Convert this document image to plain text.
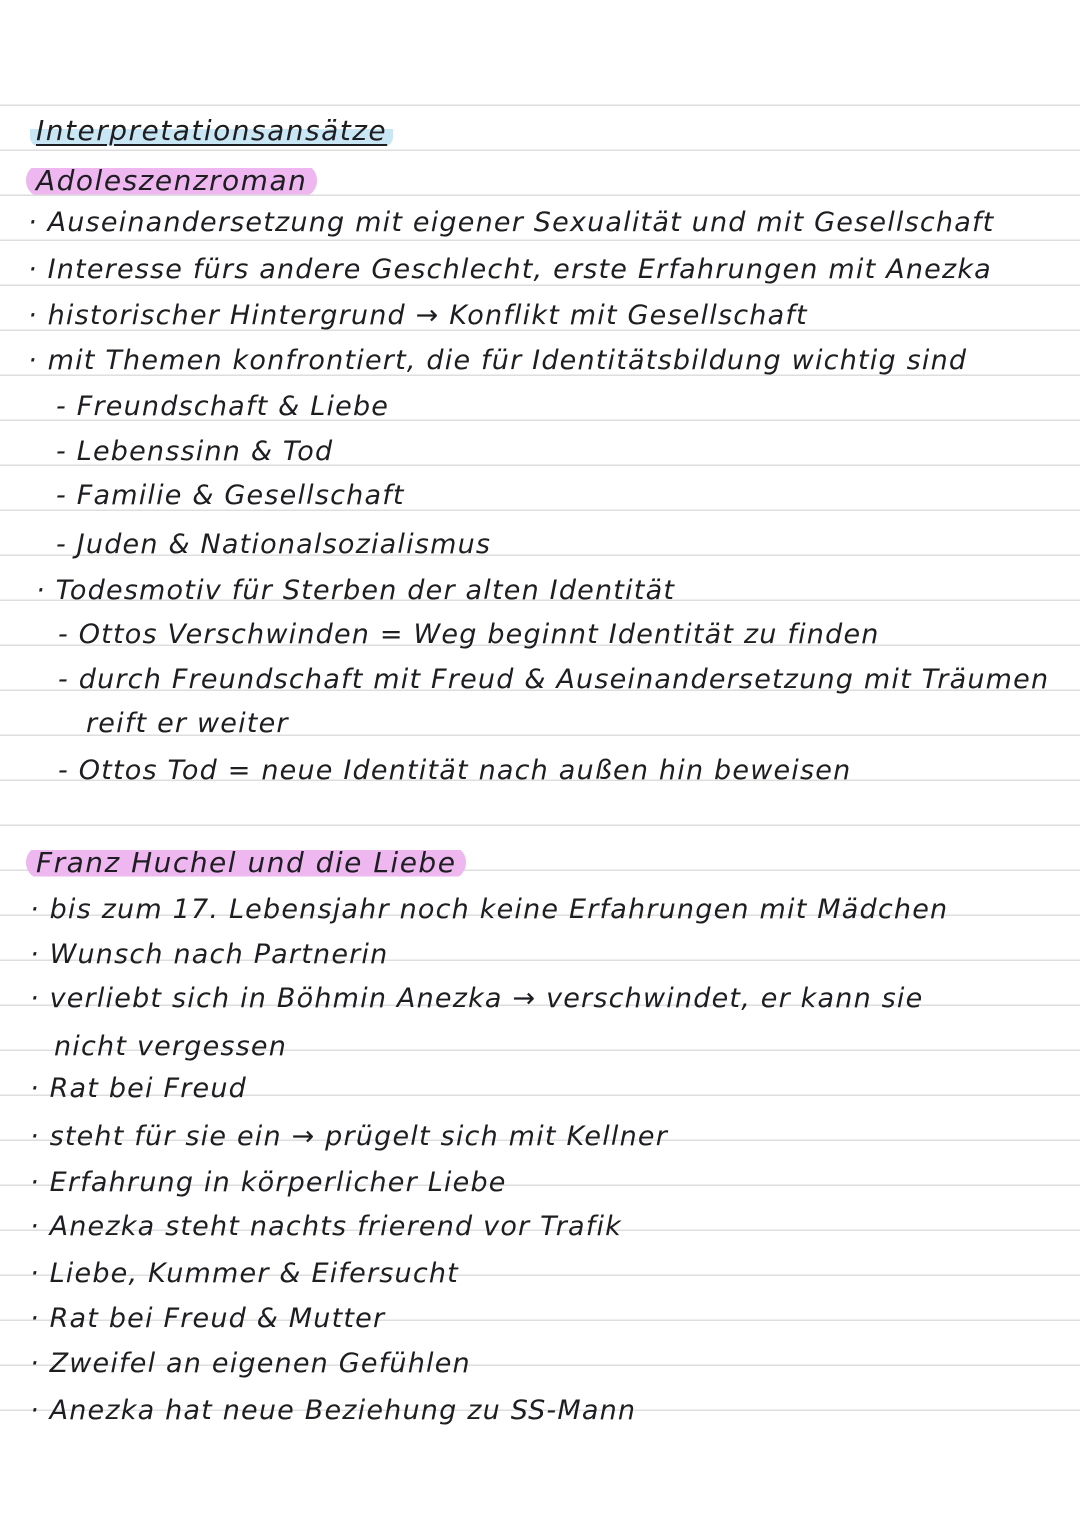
Interpretationsansätze
Adoleszenzroman
· Auseinandersetzung mit eigener Sexualität und mit Gesellschaft
· Interesse fürs andere Geschlecht, erste Erfahrungen mit Anezka
· historischer Hintergrund → Konflikt mit Gesellschaft
· mit Themen konfrontiert, die für Identitätsbildung wichtig sind
- Freundschaft & Liebe
- Lebenssinn & Tod
- Familie & Gesellschaft
- Juden & Nationalsozialismus
· Todesmotiv für Sterben der alten Identität
- Ottos Verschwinden = Weg beginnt Identität zu finden
- durch Freundschaft mit Freud & Auseinandersetzung mit Träumen
reift er weiter
- Ottos Tod = neue Identität nach außen hin beweisen
Franz Huchel und die Liebe
· bis zum 17. Lebensjahr noch keine Erfahrungen mit Mädchen
· Wunsch nach Partnerin
· verliebt sich in Böhmin Anezka → verschwindet, er kann sie
nicht vergessen
· Rat bei Freud
· steht für sie ein → prügelt sich mit Kellner
· Erfahrung in körperlicher Liebe
· Anezka steht nachts frierend vor Trafik
· Liebe, Kummer & Eifersucht
· Rat bei Freud & Mutter
· Zweifel an eigenen Gefühlen
· Anezka hat neue Beziehung zu SS-Mann
